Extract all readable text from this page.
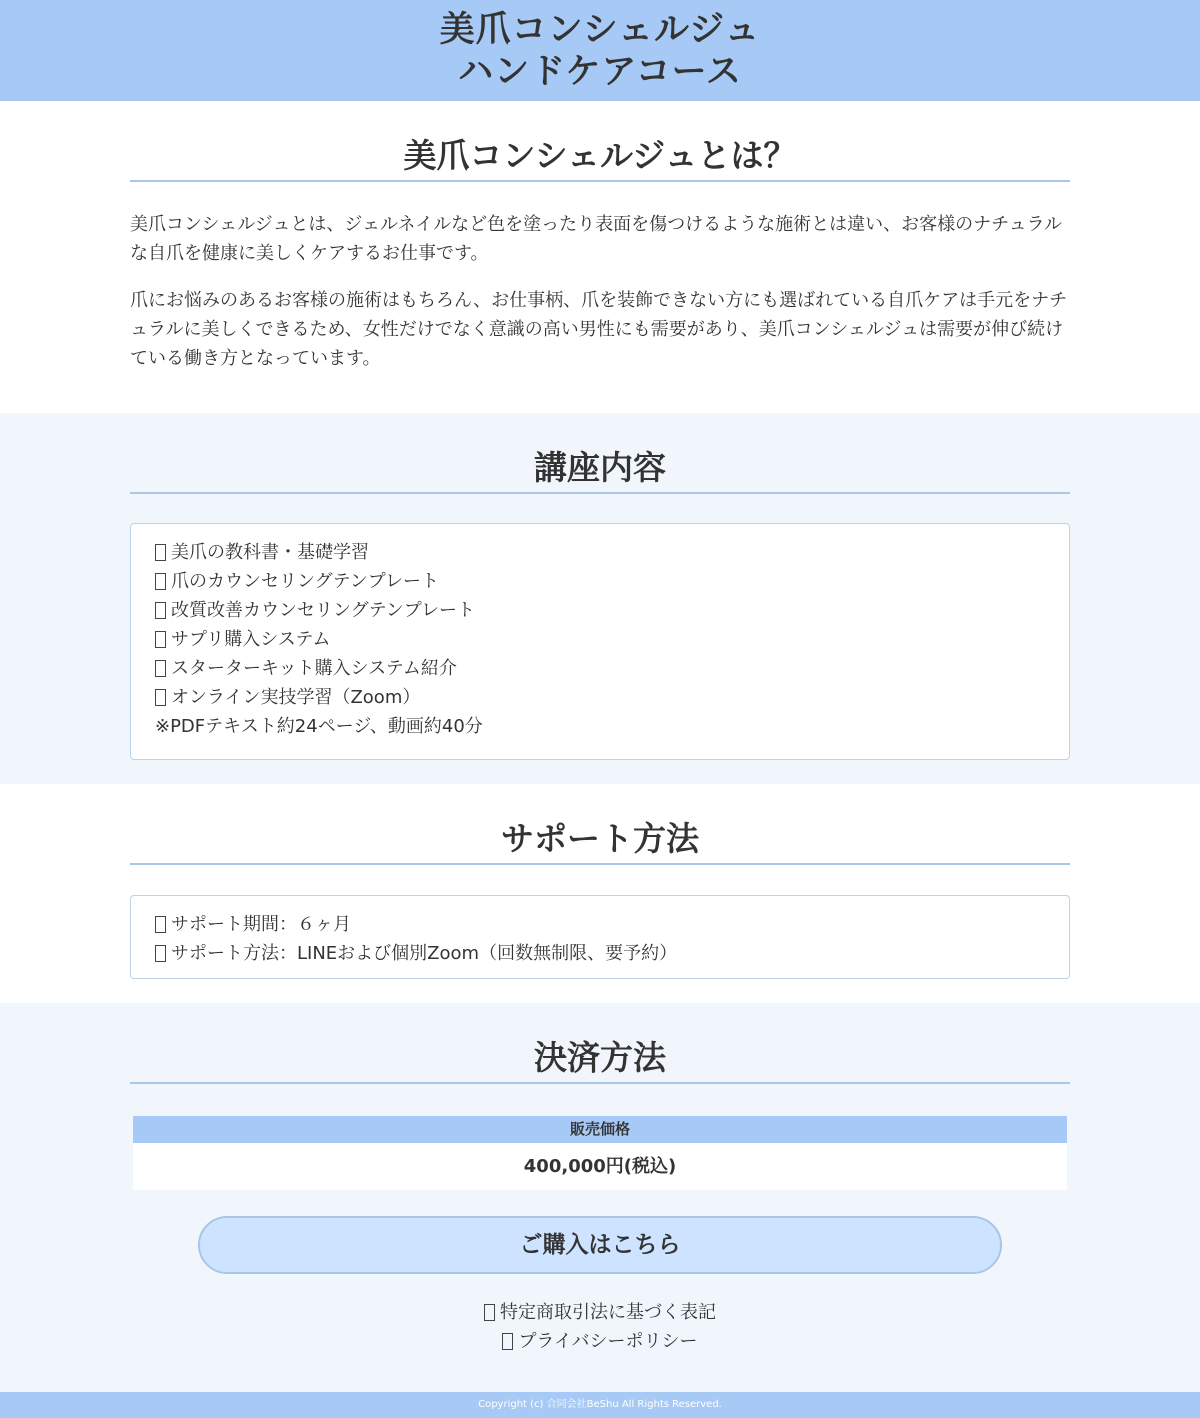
美爪コンシェルジュ
ハンドケアコース
美爪コンシェルジュとは？

美爪コンシェルジュとは、ジェルネイルなど色を塗ったり表面を傷つけるような施術とは違い、お客様のナチュラルな自爪を健康に美しくケアするお仕事です。

爪にお悩みのあるお客様の施術はもちろん、お仕事柄、爪を装飾できない方にも選ばれている自爪ケアは手元をナチュラルに美しくできるため、女性だけでなく意識の高い男性にも需要があり、美爪コンシェルジュは需要が伸び続けている働き方となっています。

講座内容
美爪の教科書・基礎学習
爪のカウンセリングテンプレート
改質改善カウンセリングテンプレート
サプリ購入システム
スターターキット購入システム紹介
オンライン実技学習（Zoom）
※PDFテキスト約24ページ、動画約40分
サポート方法
サポート期間：６ヶ月
サポート方法：LINEおよび個別Zoom（回数無制限、要予約）
決済方法
販売価格
400,000円(税込)
ご購入はこちら
特定商取引法に基づく表記
プライバシーポリシー
Copyright (c) 合同会社BeShu All Rights Reserved.
